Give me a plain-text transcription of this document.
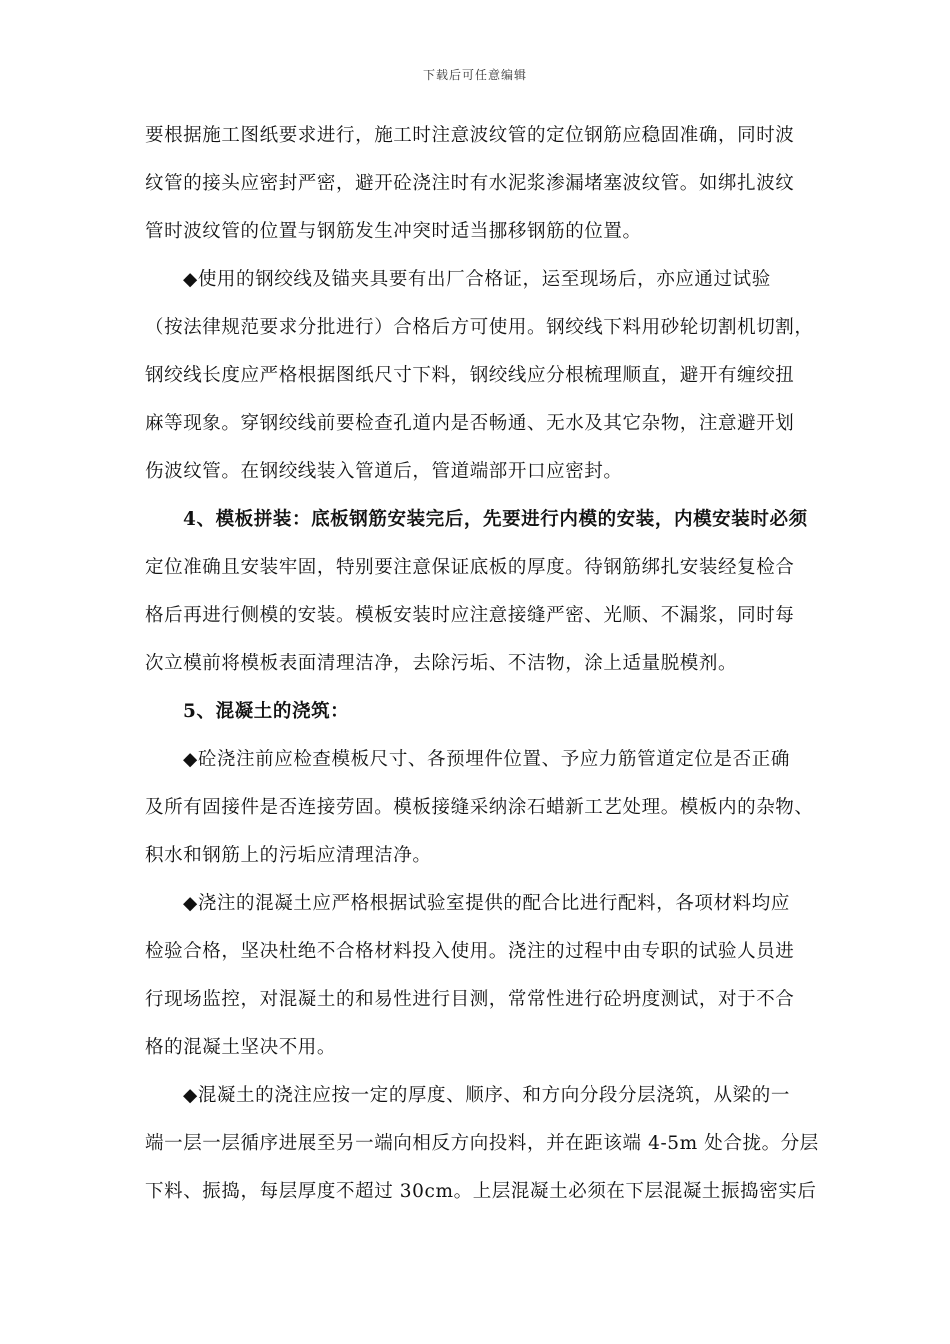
下载后可任意编辑
要根据施工图纸要求进行，施工时注意波纹管的定位钢筋应稳固准确，同时波
纹管的接头应密封严密，避开砼浇注时有水泥浆渗漏堵塞波纹管。如绑扎波纹
管时波纹管的位置与钢筋发生冲突时适当挪移钢筋的位置。
◆使用的钢绞线及锚夹具要有出厂合格证，运至现场后，亦应通过试验
（按法律规范要求分批进行）合格后方可使用。钢绞线下料用砂轮切割机切割，
钢绞线长度应严格根据图纸尺寸下料，钢绞线应分根梳理顺直，避开有缠绞扭
麻等现象。穿钢绞线前要检查孔道内是否畅通、无水及其它杂物，注意避开划
伤波纹管。在钢绞线装入管道后，管道端部开口应密封。
4、模板拼装：底板钢筋安装完后，先要进行内模的安装，内模安装时必须
定位准确且安装牢固，特别要注意保证底板的厚度。待钢筋绑扎安装经复检合
格后再进行侧模的安装。模板安装时应注意接缝严密、光顺、不漏浆，同时每
次立模前将模板表面清理洁净，去除污垢、不洁物，涂上适量脱模剂。
5、混凝土的浇筑：
◆砼浇注前应检查模板尺寸、各预埋件位置、予应力筋管道定位是否正确
及所有固接件是否连接劳固。模板接缝采纳涂石蜡新工艺处理。模板内的杂物、
积水和钢筋上的污垢应清理洁净。
◆浇注的混凝土应严格根据试验室提供的配合比进行配料，各项材料均应
检验合格，坚决杜绝不合格材料投入使用。浇注的过程中由专职的试验人员进
行现场监控，对混凝土的和易性进行目测，常常性进行砼坍度测试，对于不合
格的混凝土坚决不用。
◆混凝土的浇注应按一定的厚度、顺序、和方向分段分层浇筑，从梁的一
端一层一层循序进展至另一端向相反方向投料，并在距该端 4-5m 处合拢。分层
下料、振捣，每层厚度不超过 30cm。上层混凝土必须在下层混凝土振捣密实后
